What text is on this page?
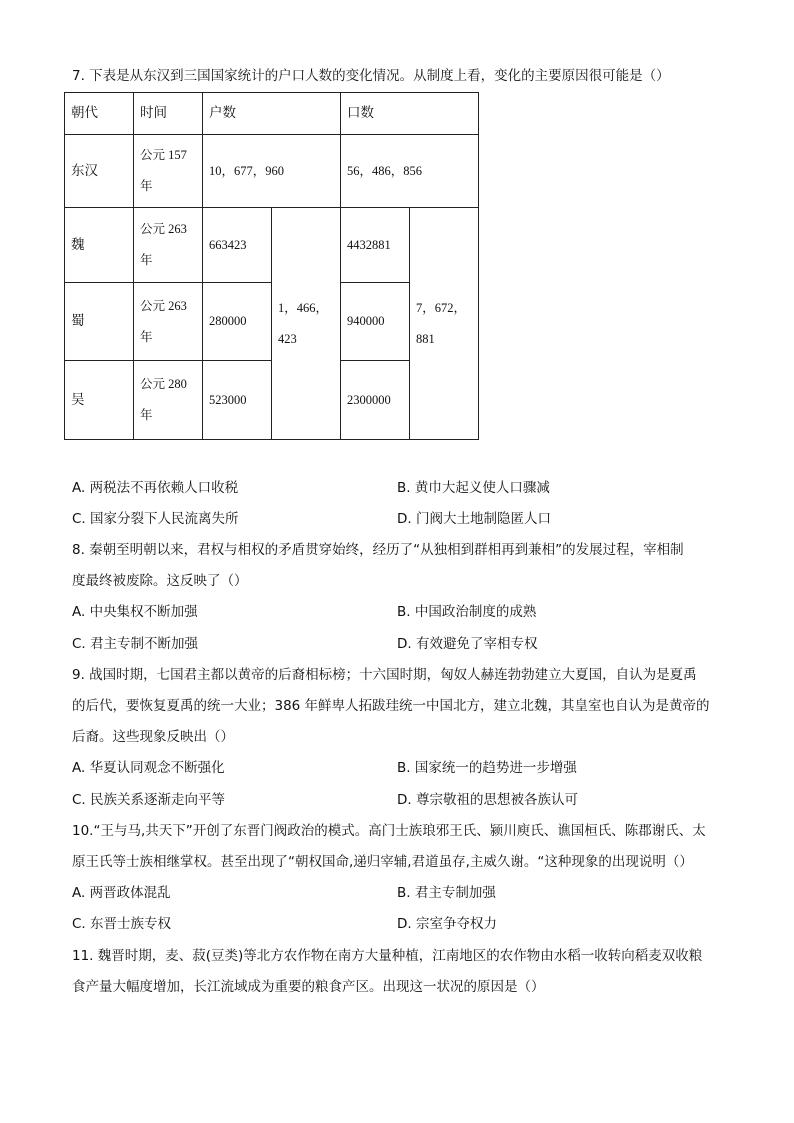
7. 下表是从东汉到三国国家统计的户口人数的变化情况。从制度上看，变化的主要原因很可能是（）
朝代	时间	户数		口数	
东汉	公元 157 年	10，677，960		56，486，856	
魏	公元 263 年	663423	1，466，423	4432881	7，672，881
蜀	公元 263 年	280000		940000	
吴	公元 280 年	523000		2300000	
A. 两税法不再依赖人口收税	B. 黄巾大起义使人口骤减
C. 国家分裂下人民流离失所	D. 门阀大土地制隐匿人口
8. 秦朝至明朝以来，君权与相权的矛盾贯穿始终，经历了“从独相到群相再到兼相”的发展过程，宰相制
度最终被废除。这反映了（）
A. 中央集权不断加强	B. 中国政治制度的成熟
C. 君主专制不断加强	D. 有效避免了宰相专权
9. 战国时期，七国君主都以黄帝的后裔相标榜；十六国时期，匈奴人赫连勃勃建立大夏国，自认为是夏禹
的后代，要恢复夏禹的统一大业；386 年鲜卑人拓跋珪统一中国北方，建立北魏，其皇室也自认为是黄帝的
后裔。这些现象反映出（）
A. 华夏认同观念不断强化	B. 国家统一的趋势进一步增强
C. 民族关系逐渐走向平等	D. 尊宗敬祖的思想被各族认可
10.“王与马,共天下”开创了东晋门阀政治的模式。高门士族琅邪王氏、颍川庾氏、谯国桓氏、陈郡谢氏、太
原王氏等士族相继掌权。甚至出现了“朝权国命,递归宰辅,君道虽存,主威久谢。“这种现象的出现说明（）
A. 两晋政体混乱	B. 君主专制加强
C. 东晋士族专权	D. 宗室争夺权力
11. 魏晋时期，麦、菽(豆类)等北方农作物在南方大量种植，江南地区的农作物由水稻一收转向稻麦双收粮
食产量大幅度增加，长江流域成为重要的粮食产区。出现这一状况的原因是（）
